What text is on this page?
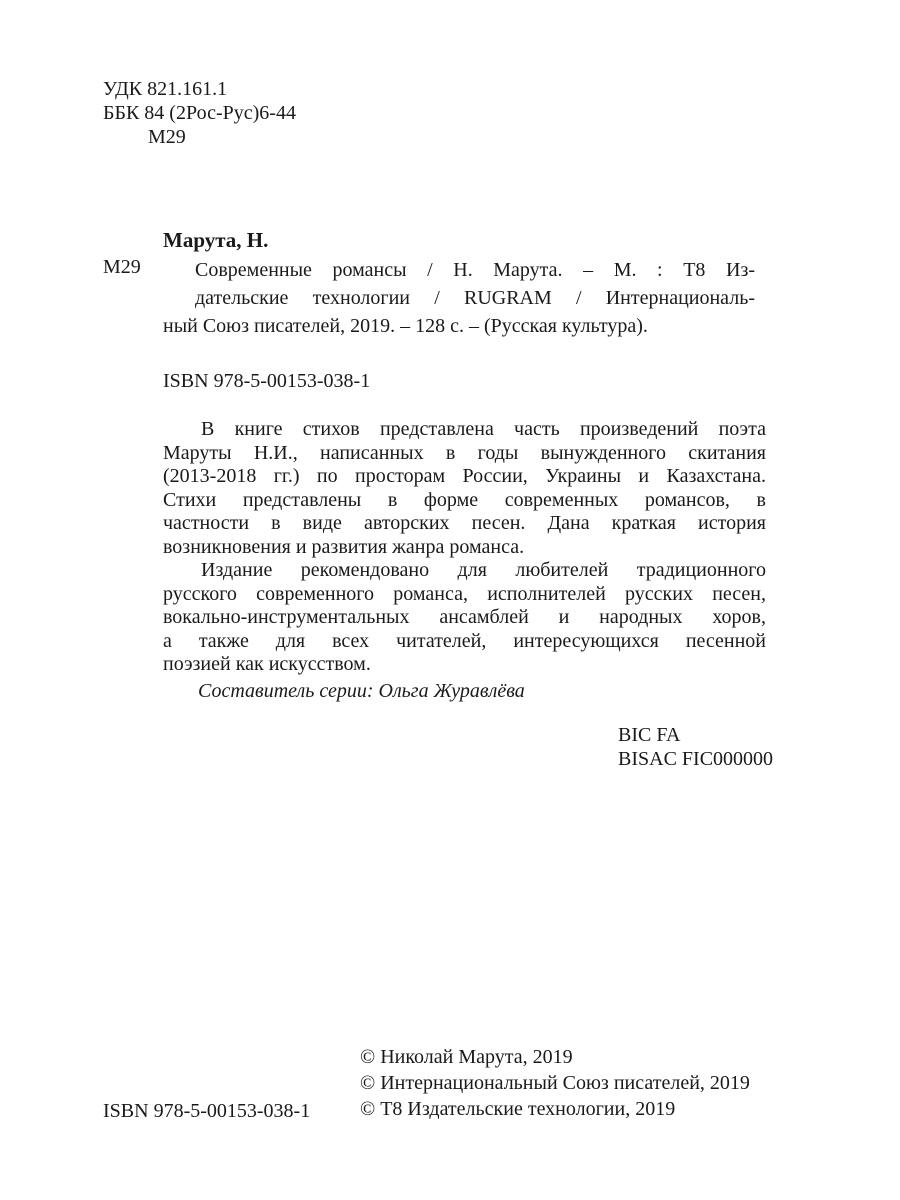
УДК 821.161.1
ББК 84 (2Рос-Рус)6-44
М29
Марута, Н.
М29	Современные романсы / Н. Марута. – М. : Т8 Из-
дательские технологии / RUGRAM / Интернациональ-
ный Союз писателей, 2019. – 128 с. – (Русская культура).
ISBN 978-5-00153-038-1
В книге стихов представлена часть произведений поэта
Маруты Н.И., написанных в годы вынужденного скитания
(2013-2018 гг.) по просторам России, Украины и Казахстана.
Стихи представлены в форме современных романсов, в
частности в виде авторских песен. Дана краткая история
возникновения и развития жанра романса.
Издание рекомендовано для любителей традиционного
русского современного романса, исполнителей русских песен,
вокально-инструментальных ансамблей и народных хоров,
а также для всех читателей, интересующихся песенной
поэзией как искусством.
Составитель серии: Ольга Журавлёва
BIC FA
BISAC FIC000000
© Николай Марута, 2019
© Интернациональный Союз писателей, 2019
© Т8 Издательские технологии, 2019
ISBN 978-5-00153-038-1
